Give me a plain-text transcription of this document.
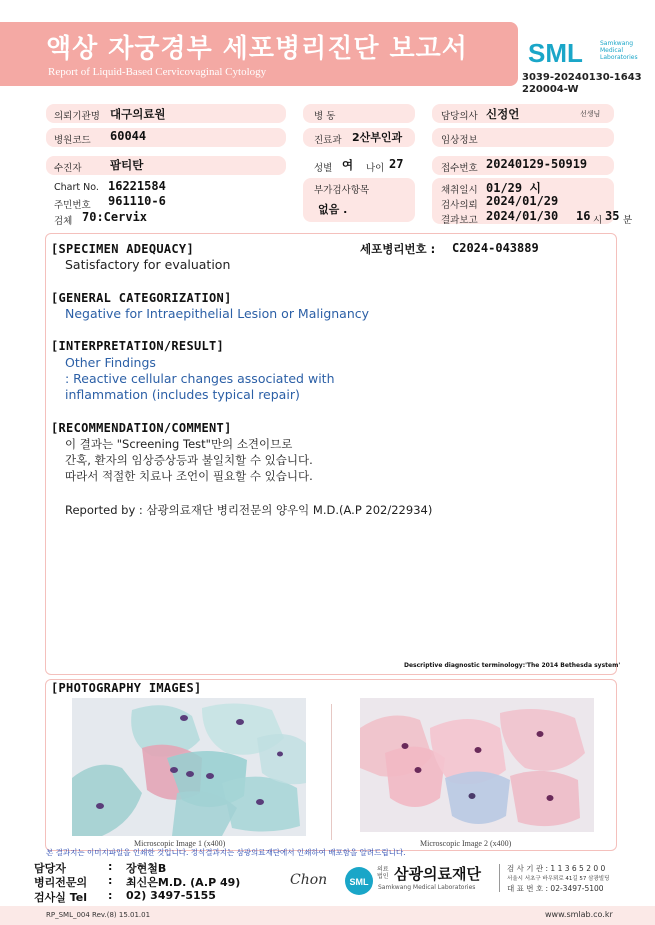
액상 자궁경부 세포병리진단 보고서
Report of Liquid-Based Cervicovaginal Cytology
SML	Samkwang Medical Laboratories
3039-20240130-1643
220004-W
의뢰기관명 대구의료원	병 동	담당의사 신정언	선생님
병원코드 60044	진료과 2산부인과	임상정보
수진자 팜티탄	성별 여 나이 27	접수번호 20240129-50919
Chart No. 16221584
주민번호 961110-6
검체 70:Cervix
부가검사항목
없음 .
채취일시 01/29 시
검사의뢰 2024/01/29
결과보고 2024/01/30 16 시 35 분
[SPECIMEN ADEQUACY]
Satisfactory for evaluation
세포병리번호 : C2024-043889
[GENERAL CATEGORIZATION]
Negative for Intraepithelial Lesion or Malignancy
[INTERPRETATION/RESULT]
Other Findings
: Reactive cellular changes associated with
inflammation (includes typical repair)
[RECOMMENDATION/COMMENT]
이 결과는 "Screening Test"만의 소견이므로
간혹, 환자의 임상증상등과 불일치할 수 있습니다.
따라서 적절한 치료나 조언이 필요할 수 있습니다.
Reported by : 삼광의료재단 병리전문의 양우익 M.D.(A.P 202/22934)
Descriptive diagnostic terminology:'The 2014 Bethesda system'
[PHOTOGRAPHY IMAGES]
Microscopic Image 1 (x400)	Microscopic Image 2 (x400)
본 결과지는 이미지파일을 인쇄한 것입니다. 정식결과지는 삼광의료재단에서 인쇄하여 배포함을 알려드립니다.
담당자	: 장현철B
병리전문의 : 최신은M.D. (A.P 49)
검사실 Tel : 02) 3497-5155
Chon SML
의료법인 삼광의료재단
Samkwang Medical Laboratories
검 사 기 관 : 1 1 3 6 5 2 0 0
서울시 서초구 바우뫼로 41길 57 삼광빌딩
대 표 번 호 : 02-3497-5100
RP_SML_004 Rev.(8) 15.01.01	www.smlab.co.kr
